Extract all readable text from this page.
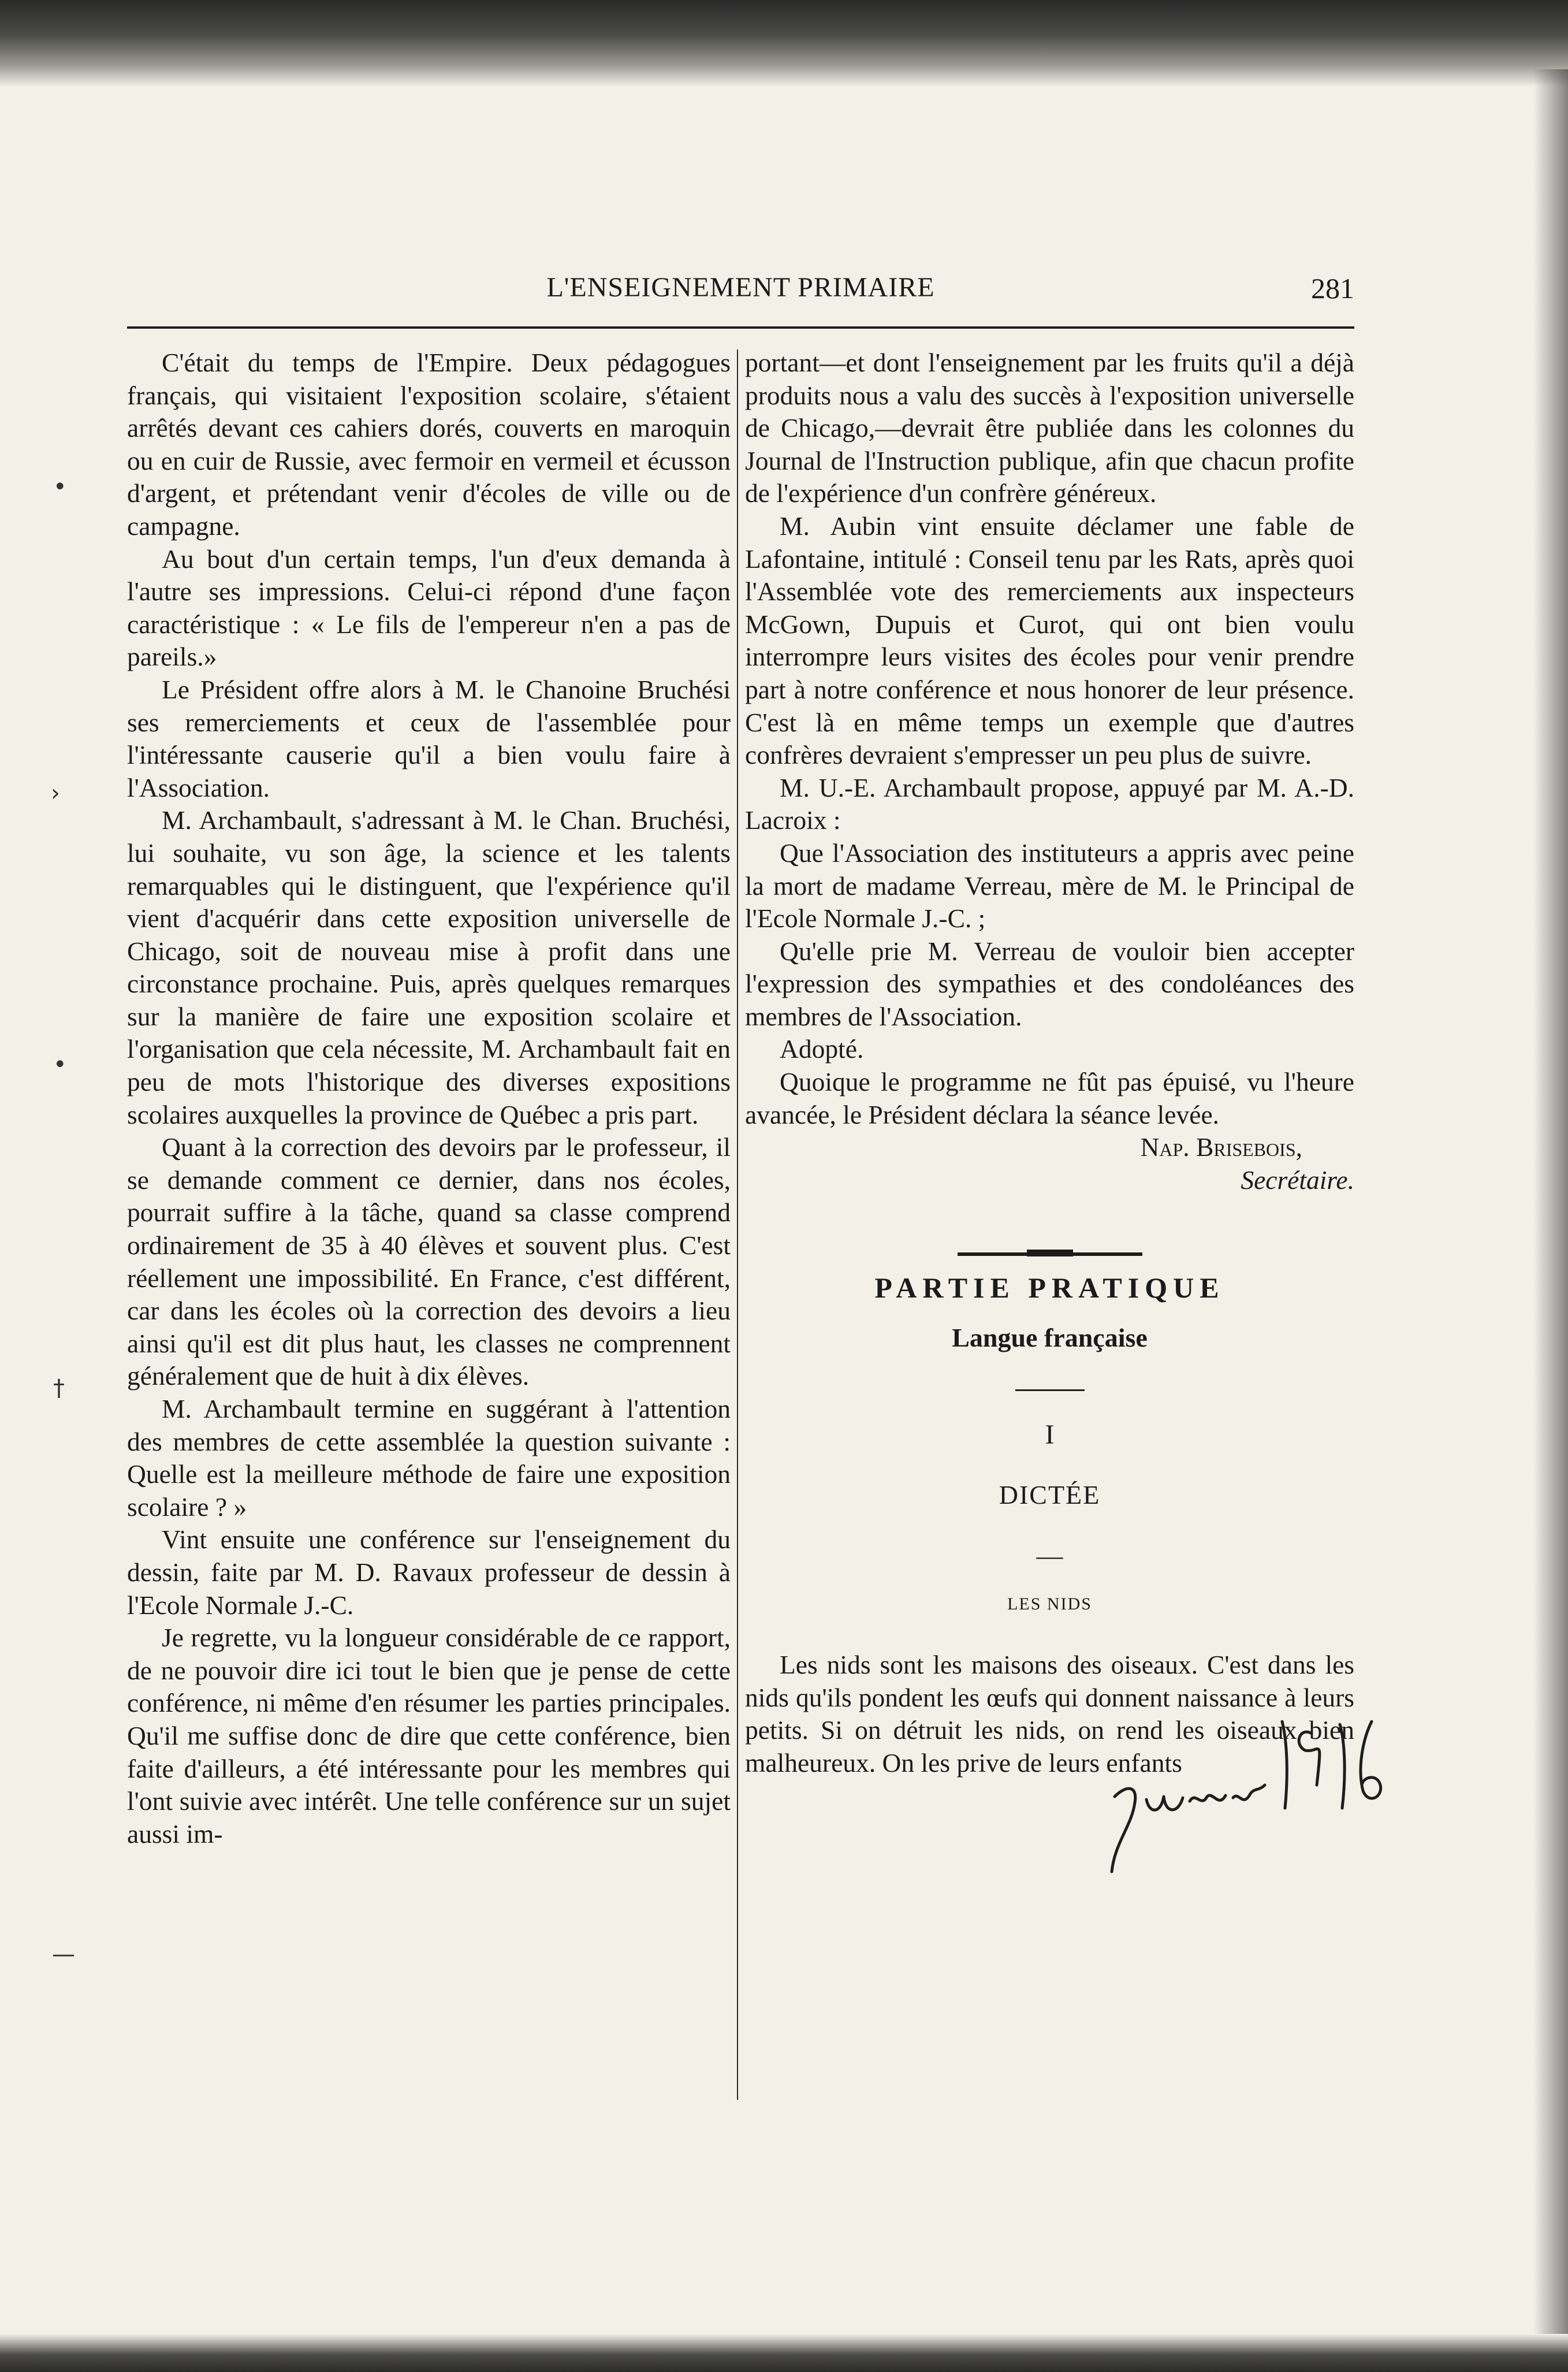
L'ENSEIGNEMENT PRIMAIRE	281

C'était du temps de l'Empire. Deux pédagogues français, qui visitaient l'exposition scolaire, s'étaient arrêtés devant ces cahiers dorés, couverts en maroquin ou en cuir de Russie, avec fermoir en vermeil et écusson d'argent, et prétendant venir d'écoles de ville ou de campagne.

Au bout d'un certain temps, l'un d'eux demanda à l'autre ses impressions. Celui-ci répond d'une façon caractéristique : « Le fils de l'empereur n'en a pas de pareils.»

Le Président offre alors à M. le Chanoine Bruchési ses remerciements et ceux de l'assemblée pour l'intéressante causerie qu'il a bien voulu faire à l'Association.

M. Archambault, s'adressant à M. le Chan. Bruchési, lui souhaite, vu son âge, la science et les talents remarquables qui le distinguent, que l'expérience qu'il vient d'acquérir dans cette exposition universelle de Chicago, soit de nouveau mise à profit dans une circonstance prochaine. Puis, après quelques remarques sur la manière de faire une exposition scolaire et l'organisation que cela nécessite, M. Archambault fait en peu de mots l'historique des diverses expositions scolaires auxquelles la province de Québec a pris part.

Quant à la correction des devoirs par le professeur, il se demande comment ce dernier, dans nos écoles, pourrait suffire à la tâche, quand sa classe comprend ordinairement de 35 à 40 élèves et souvent plus. C'est réellement une impossibilité. En France, c'est différent, car dans les écoles où la correction des devoirs a lieu ainsi qu'il est dit plus haut, les classes ne comprennent généralement que de huit à dix élèves.

M. Archambault termine en suggérant à l'attention des membres de cette assemblée la question suivante : Quelle est la meilleure méthode de faire une exposition scolaire ? »

Vint ensuite une conférence sur l'enseignement du dessin, faite par M. D. Ravaux professeur de dessin à l'Ecole Normale J.-C.

Je regrette, vu la longueur considérable de ce rapport, de ne pouvoir dire ici tout le bien que je pense de cette conférence, ni même d'en résumer les parties principales. Qu'il me suffise donc de dire que cette conférence, bien faite d'ailleurs, a été intéressante pour les membres qui l'ont suivie avec intérêt. Une telle conférence sur un sujet aussi im-

portant—et dont l'enseignement par les fruits qu'il a déjà produits nous a valu des succès à l'exposition universelle de Chicago,—devrait être publiée dans les colonnes du Journal de l'Instruction publique, afin que chacun profite de l'expérience d'un confrère généreux.

M. Aubin vint ensuite déclamer une fable de Lafontaine, intitulé : Conseil tenu par les Rats, après quoi l'Assemblée vote des remerciements aux inspecteurs McGown, Dupuis et Curot, qui ont bien voulu interrompre leurs visites des écoles pour venir prendre part à notre conférence et nous honorer de leur présence. C'est là en même temps un exemple que d'autres confrères devraient s'empresser un peu plus de suivre.

M. U.-E. Archambault propose, appuyé par M. A.-D. Lacroix :

Que l'Association des instituteurs a appris avec peine la mort de madame Verreau, mère de M. le Principal de l'Ecole Normale J.-C. ;

Qu'elle prie M. Verreau de vouloir bien accepter l'expression des sympathies et des condoléances des membres de l'Association.

Adopté.

Quoique le programme ne fût pas épuisé, vu l'heure avancée, le Président déclara la séance levée.

Nap. Brisebois,

Secrétaire.

PARTIE PRATIQUE

Langue française

I

DICTÉE

—

LES NIDS

Les nids sont les maisons des oiseaux. C'est dans les nids qu'ils pondent les œufs qui donnent naissance à leurs petits. Si on détruit les nids, on rend les oiseaux bien malheureux. On les prive de leurs enfants

•
›
•
†
—
